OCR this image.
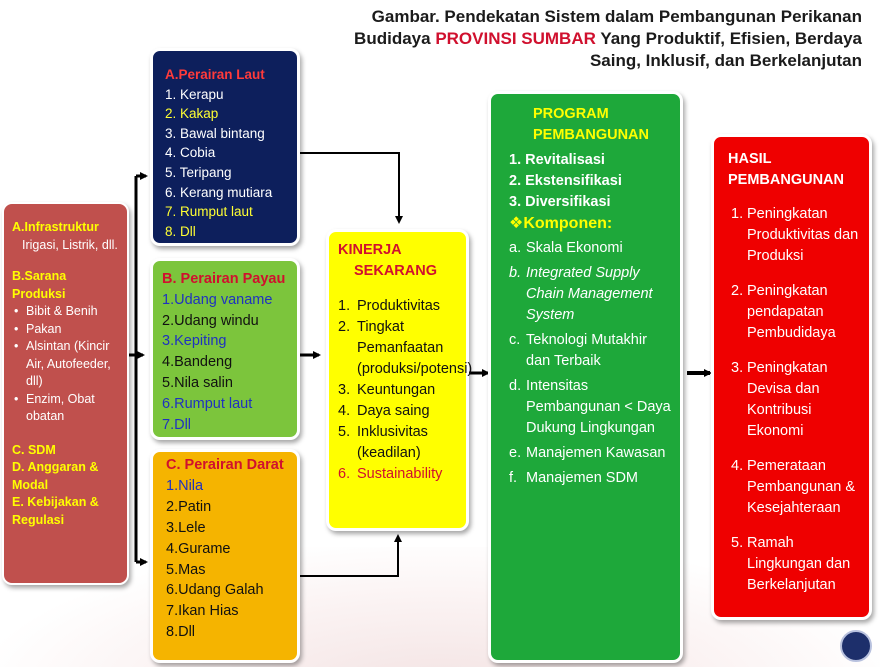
Gambar. Pendekatan Sistem dalam Pembangunan Perikanan Budidaya PROVINSI SUMBAR Yang Produktif, Efisien, Berdaya Saing, Inklusif, dan Berkelanjutan
A.Infrastruktur
Irigasi, Listrik, dll.
B.Sarana Produksi
• Bibit & Benih
• Pakan
• Alsintan (Kincir Air, Autofeeder, dll)
• Enzim, Obat obatan
C. SDM
D. Anggaran & Modal
E. Kebijakan & Regulasi
A.Perairan Laut
1. Kerapu
2. Kakap
3. Bawal bintang
4. Cobia
5. Teripang
6. Kerang mutiara
7. Rumput laut
8. Dll
B. Perairan Payau
1.Udang vaname
2.Udang windu
3.Kepiting
4.Bandeng
5.Nila salin
6.Rumput laut
7.Dll
C. Perairan Darat
1.Nila
2.Patin
3.Lele
4.Gurame
5.Mas
6.Udang Galah
7.Ikan Hias
8.Dll
KINERJA
SEKARANG
1. Produktivitas
2. Tingkat Pemanfaatan (produksi/potensi)
3. Keuntungan
4. Daya saing
5. Inklusivitas (keadilan)
6. Sustainability
PROGRAM
PEMBANGUNAN
1. Revitalisasi
2. Ekstensifikasi
3. Diversifikasi
❖Komponen:
a. Skala Ekonomi
b. Integrated Supply Chain Management System
c. Teknologi Mutakhir dan Terbaik
d. Intensitas Pembangunan < Daya Dukung Lingkungan
e. Manajemen Kawasan
f. Manajemen SDM
HASIL
PEMBANGUNAN
1. Peningkatan Produktivitas dan Produksi
2. Peningkatan pendapatan Pembudidaya
3. Peningkatan Devisa dan Kontribusi Ekonomi
4. Pemerataan Pembangunan & Kesejahteraan
5. Ramah Lingkungan dan Berkelanjutan
